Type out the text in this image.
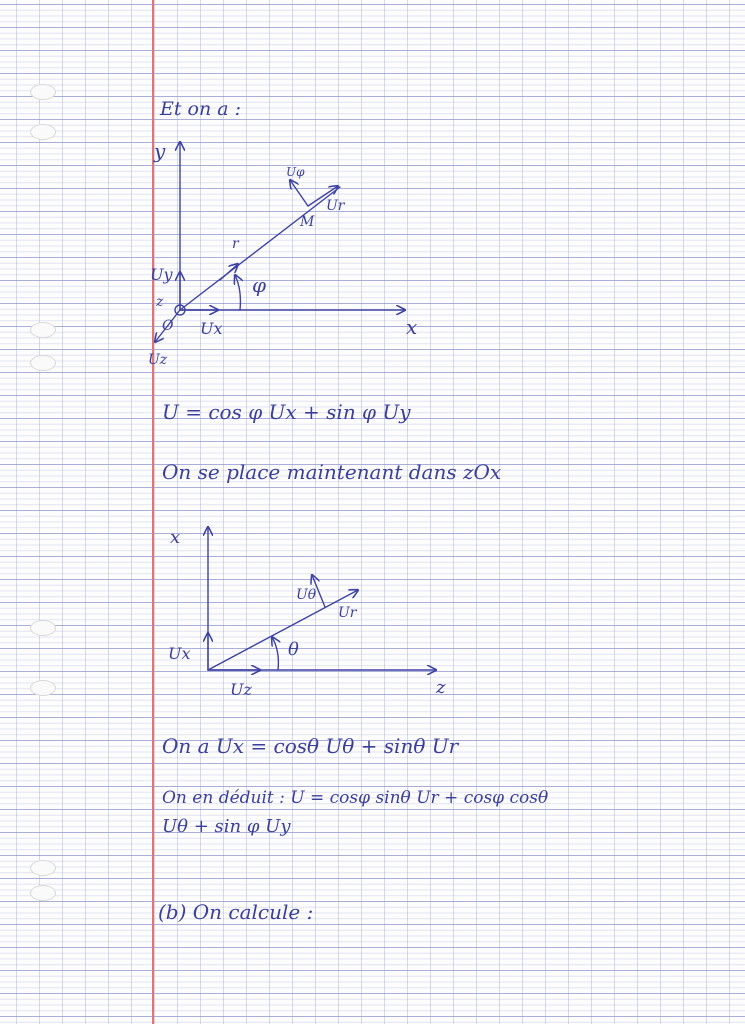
Et on a :
y
x
r
φ
M
Ur
Uφ
Uy
Ux
z
O
Uz
U = cos φ Ux + sin φ Uy
On se place maintenant dans zOx
x
z
Uθ
Ur
θ
Ux
Uz
On a Ux = cosθ Uθ + sinθ Ur
On en déduit : U = cosφ sinθ Ur + cosφ cosθ
Uθ + sin φ Uy
(b) On calcule :
